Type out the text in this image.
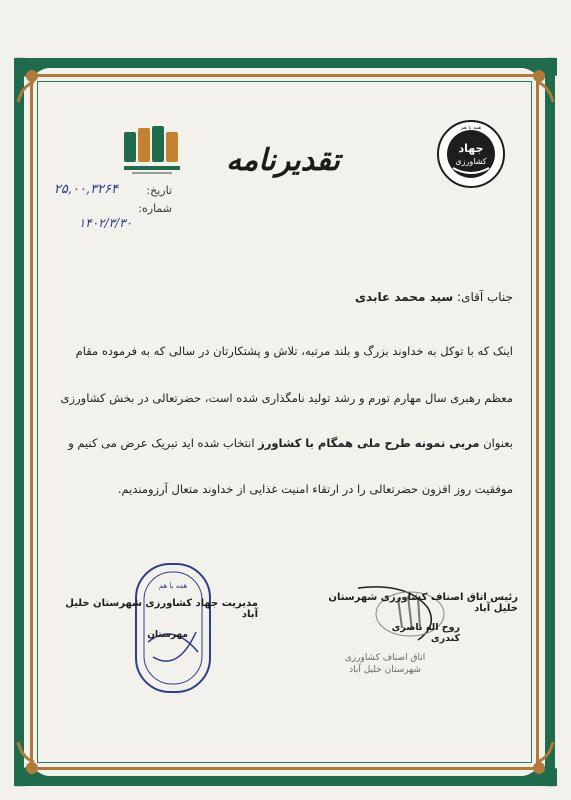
جهاد
کشاورزی
همه با هم
تقدیرنامه
تاریخ:
شماره:
۲۵,۰۰,۳۲۶۴
۱۴۰۲/۳/۳۰
جناب آقای: سید محمد عابدی
اینک که با توکل به خداوند بزرگ و بلند مرتبه، تلاش و پشتکارتان در سالی که به فرموده مقام
معظم رهبری سال مهارم تورم و رشد تولید نامگذاری شده است، حضرتعالی در بخش کشاورزی
بعنوان مربی نمونه طرح ملی همگام با کشاورز انتخاب شده اید تبریک عرض می کنیم و
موفقیت روز افزون حضرتعالی را در ارتقاء امنیت غذایی از خداوند متعال آرزومندیم.
همه با هم
مدیریت جهاد کشاورزی شهرستان خلیل آباد
مهرستان
رئیس اتاق اصناف کشاورزی شهرستان خلیل آباد
روح اله ناصری کندری
اتاق اصناف کشاورزی شهرستان خلیل آباد
